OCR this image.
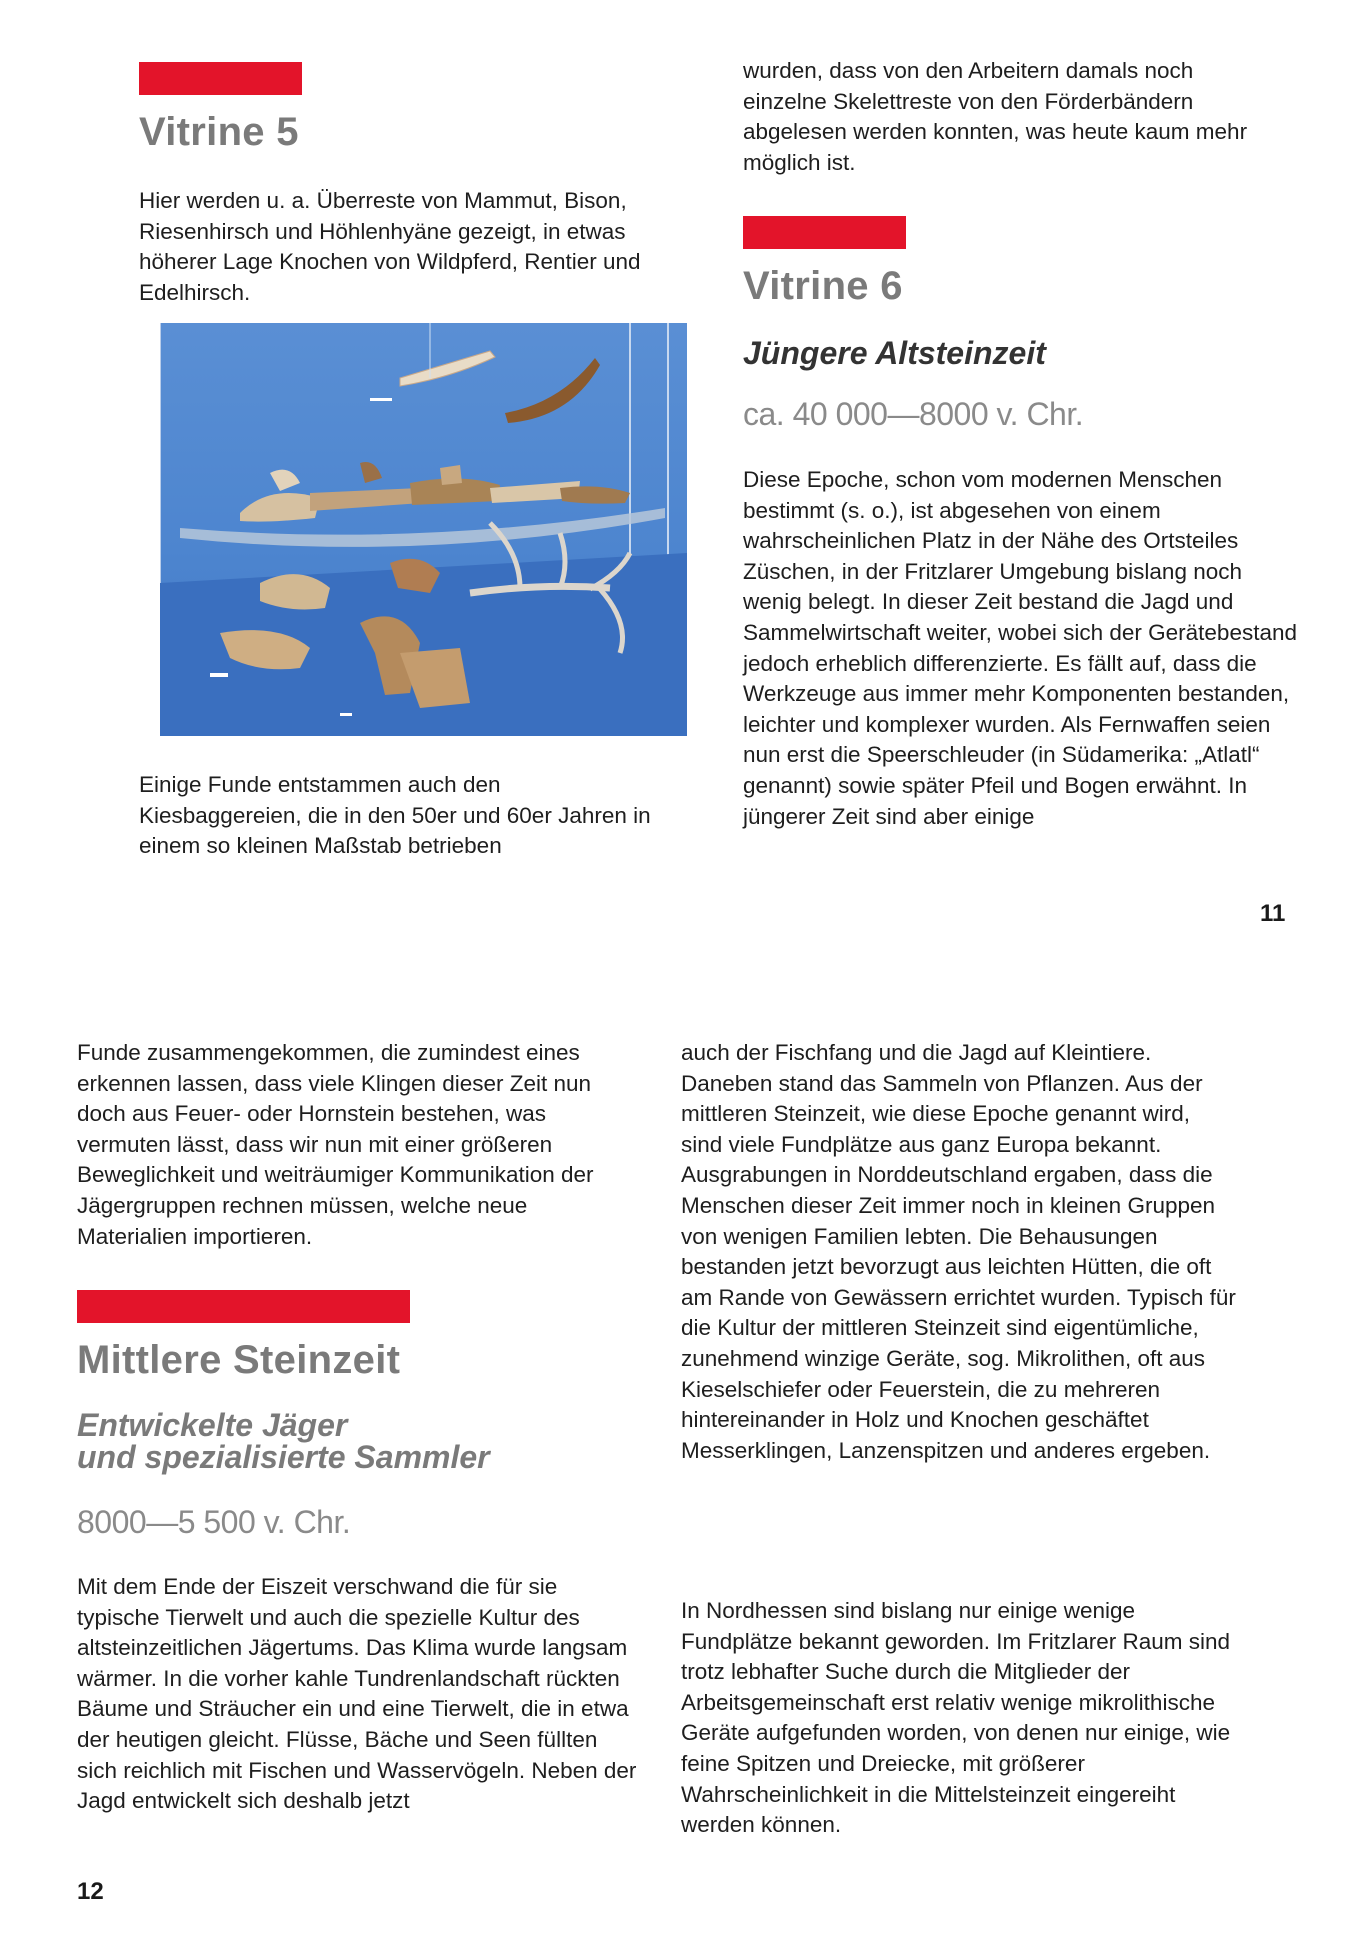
Vitrine 5

Hier werden u. a. Überreste von Mammut, Bison, Riesenhirsch und Höhlenhyäne gezeigt, in etwas höherer Lage Knochen von Wildpferd, Rentier und Edelhirsch.

Einige Funde entstammen auch den Kiesbaggereien, die in den 50er und 60er Jahren in einem so kleinen Maßstab betrieben

wurden, dass von den Arbeitern damals noch einzelne Skelettreste von den Förderbändern abgelesen werden konnten, was heute kaum mehr möglich ist.

Vitrine 6
Jüngere Altsteinzeit
ca. 40 000—8000 v. Chr.

Diese Epoche, schon vom modernen Menschen bestimmt (s. o.), ist abgesehen von einem wahrscheinlichen Platz in der Nähe des Ortsteiles Züschen, in der Fritzlarer Umgebung bislang noch wenig belegt. In dieser Zeit bestand die Jagd und Sammelwirtschaft weiter, wobei sich der Gerätebestand jedoch erheblich differenzierte. Es fällt auf, dass die Werkzeuge aus immer mehr Komponenten bestanden, leichter und komplexer wurden. Als Fernwaffen seien nun erst die Speerschleuder (in Südamerika: „Atlatl“ genannt) sowie später Pfeil und Bogen erwähnt. In jüngerer Zeit sind aber einige

11

Funde zusammengekommen, die zumindest eines erkennen lassen, dass viele Klingen dieser Zeit nun doch aus Feuer- oder Hornstein bestehen, was vermuten lässt, dass wir nun mit einer größeren Beweglichkeit und weiträumiger Kommunikation der Jägergruppen rechnen müssen, welche neue Materialien importieren.

Mittlere Steinzeit
Entwickelte Jäger
und spezialisierte Sammler
8000—5 500 v. Chr.

Mit dem Ende der Eiszeit verschwand die für sie typische Tierwelt und auch die spezielle Kultur des altsteinzeitlichen Jägertums. Das Klima wurde langsam wärmer. In die vorher kahle Tundrenlandschaft rückten Bäume und Sträucher ein und eine Tierwelt, die in etwa der heutigen gleicht. Flüsse, Bäche und Seen füllten sich reichlich mit Fischen und Wasservögeln. Neben der Jagd entwickelt sich deshalb jetzt

auch der Fischfang und die Jagd auf Kleintiere. Daneben stand das Sammeln von Pflanzen. Aus der mittleren Steinzeit, wie diese Epoche genannt wird, sind viele Fundplätze aus ganz Europa bekannt. Ausgrabungen in Norddeutschland ergaben, dass die Menschen dieser Zeit immer noch in kleinen Gruppen von wenigen Familien lebten. Die Behausungen bestanden jetzt bevorzugt aus leichten Hütten, die oft am Rande von Gewässern errichtet wurden. Typisch für die Kultur der mittleren Steinzeit sind eigentümliche, zunehmend winzige Geräte, sog. Mikrolithen, oft aus Kieselschiefer oder Feuerstein, die zu mehreren hintereinander in Holz und Knochen geschäftet Messerklingen, Lanzenspitzen und anderes ergeben.

In Nordhessen sind bislang nur einige wenige Fundplätze bekannt geworden. Im Fritzlarer Raum sind trotz lebhafter Suche durch die Mitglieder der Arbeitsgemeinschaft erst relativ wenige mikrolithische Geräte aufgefunden worden, von denen nur einige, wie feine Spitzen und Dreiecke, mit größerer Wahrscheinlichkeit in die Mittelsteinzeit eingereiht werden können.

12
